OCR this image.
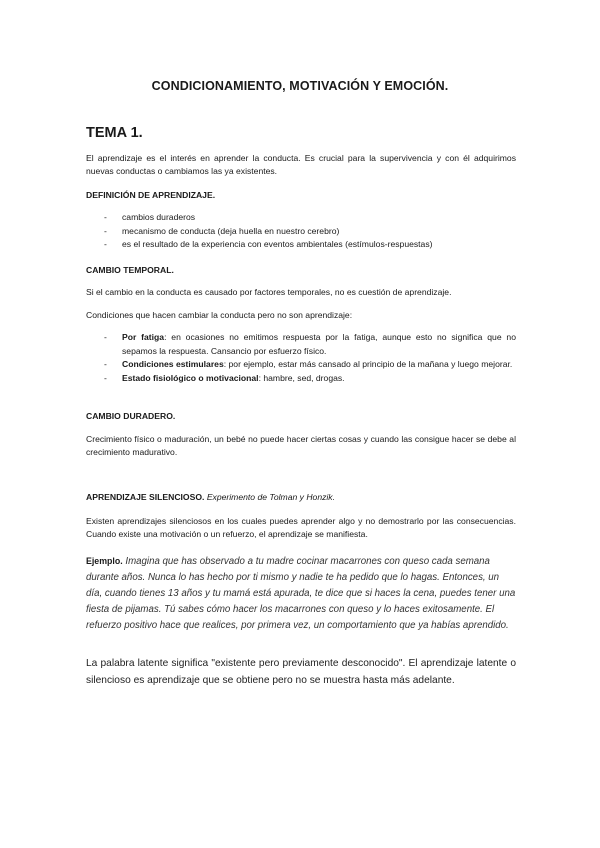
CONDICIONAMIENTO, MOTIVACIÓN Y EMOCIÓN.
TEMA 1.
El aprendizaje es el interés en aprender la conducta. Es crucial para la supervivencia y con él adquirimos nuevas conductas o cambiamos las ya existentes.
DEFINICIÓN DE APRENDIZAJE.
- cambios duraderos
- mecanismo de conducta (deja huella en nuestro cerebro)
- es el resultado de la experiencia con eventos ambientales (estímulos-respuestas)
CAMBIO TEMPORAL.
Si el cambio en la conducta es causado por factores temporales, no es cuestión de aprendizaje.
Condiciones que hacen cambiar la conducta pero no son aprendizaje:
- Por fatiga: en ocasiones no emitimos respuesta por la fatiga, aunque esto no significa que no sepamos la respuesta. Cansancio por esfuerzo físico.
- Condiciones estimulares: por ejemplo, estar más cansado al principio de la mañana y luego mejorar.
- Estado fisiológico o motivacional: hambre, sed, drogas.
CAMBIO DURADERO.
Crecimiento físico o maduración, un bebé no puede hacer ciertas cosas y cuando las consigue hacer se debe al crecimiento madurativo.
APRENDIZAJE SILENCIOSO. Experimento de Tolman y Honzik.
Existen aprendizajes silenciosos en los cuales puedes aprender algo y no demostrarlo por las consecuencias. Cuando existe una motivación o un refuerzo, el aprendizaje se manifiesta.
Ejemplo. Imagina que has observado a tu madre cocinar macarrones con queso cada semana durante años. Nunca lo has hecho por ti mismo y nadie te ha pedido que lo hagas. Entonces, un día, cuando tienes 13 años y tu mamá está apurada, te dice que si haces la cena, puedes tener una fiesta de pijamas. Tú sabes cómo hacer los macarrones con queso y lo haces exitosamente. El refuerzo positivo hace que realices, por primera vez, un comportamiento que ya habías aprendido.
La palabra latente significa "existente pero previamente desconocido". El aprendizaje latente o silencioso es aprendizaje que se obtiene pero no se muestra hasta más adelante.
